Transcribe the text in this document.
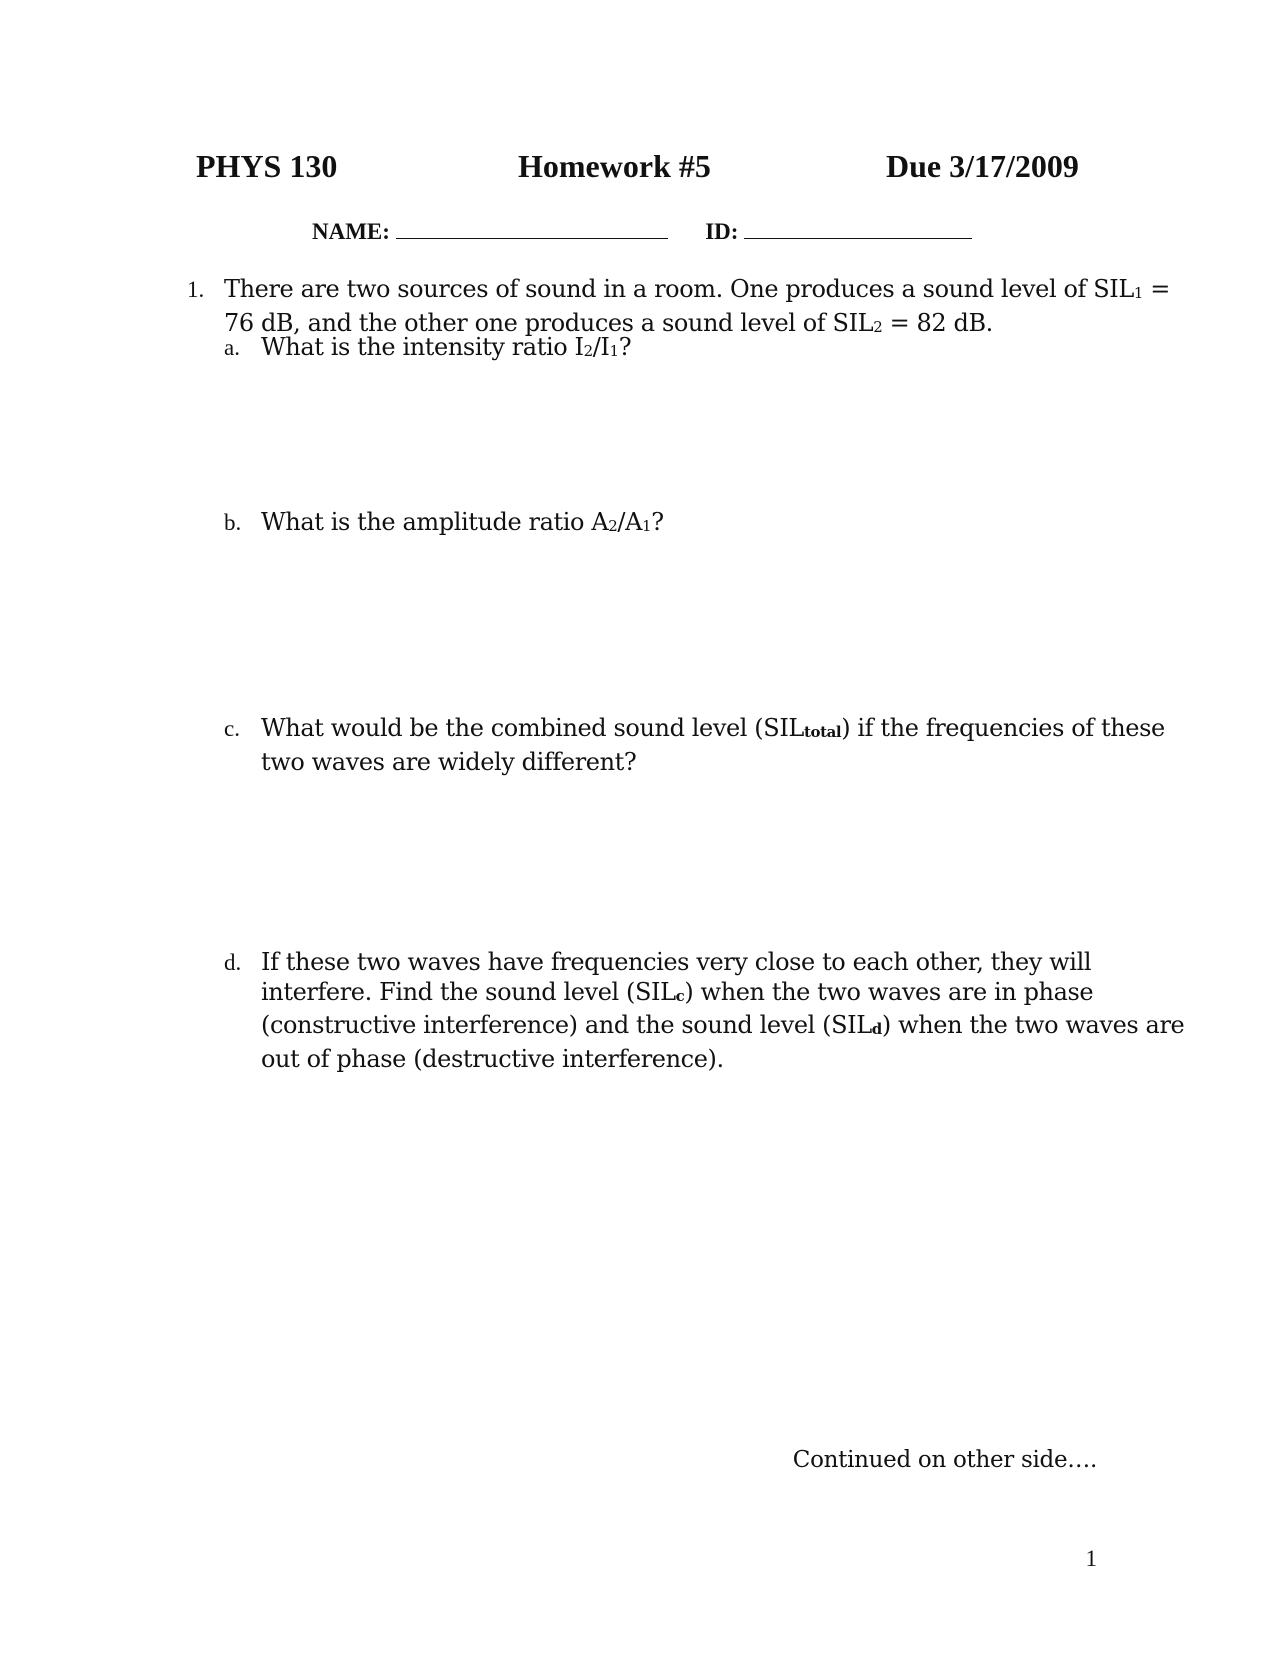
PHYS 130	Homework #5	Due 3/17/2009
NAME:	ID:
1. There are two sources of sound in a room. One produces a sound level of SIL1 =
76 dB, and the other one produces a sound level of SIL2 = 82 dB.
a. What is the intensity ratio I2/I1?
b. What is the amplitude ratio A2/A1?
c. What would be the combined sound level (SILtotal) if the frequencies of these
two waves are widely different?
d. If these two waves have frequencies very close to each other, they will
interfere. Find the sound level (SILc) when the two waves are in phase
(constructive interference) and the sound level (SILd) when the two waves are
out of phase (destructive interference).
Continued on other side….
1
